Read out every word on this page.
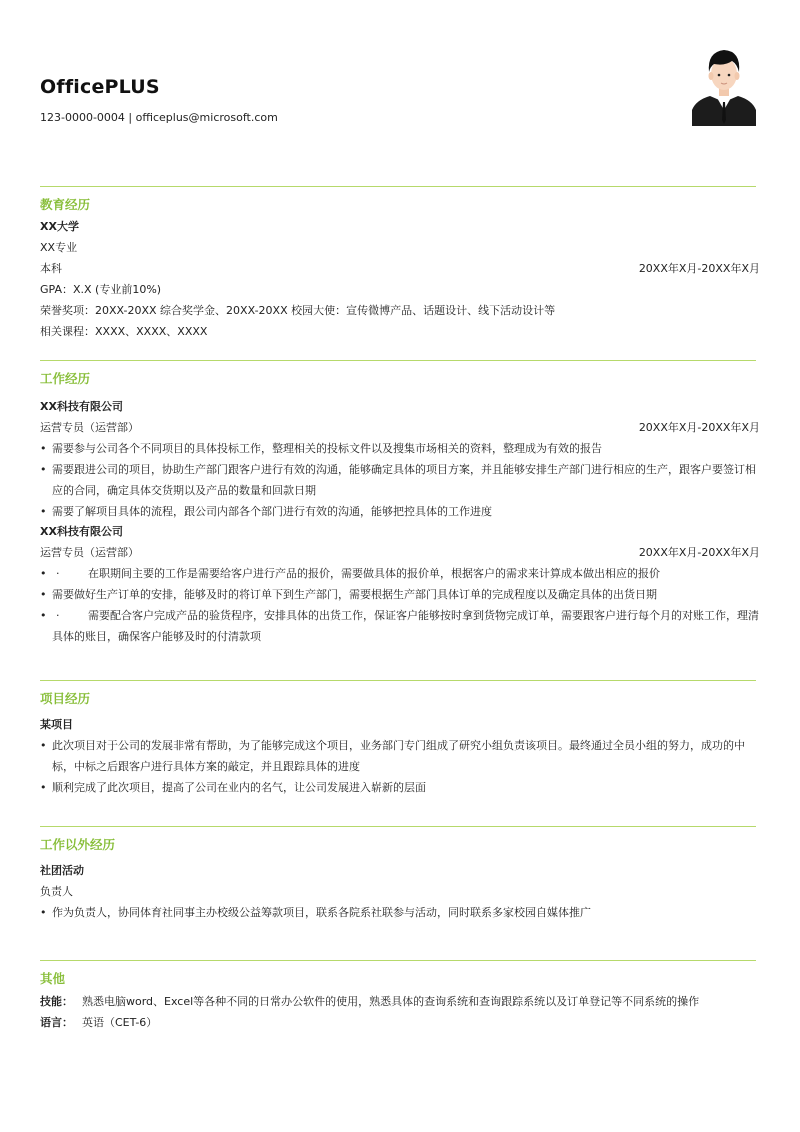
OfficePLUS
123-0000-0004 | officeplus@microsoft.com
教育经历
XX大学
XX专业
本科	20XX年X月-20XX年X月
GPA：X.X (专业前10%)
荣誉奖项：20XX-20XX 综合奖学金、20XX-20XX 校园大使：宣传微博产品、话题设计、线下活动设计等
相关课程：XXXX、XXXX、XXXX
工作经历
XX科技有限公司
运营专员（运营部）	20XX年X月-20XX年X月
• 需要参与公司各个不同项目的具体投标工作，整理相关的投标文件以及搜集市场相关的资料，整理成为有效的报告
• 需要跟进公司的项目，协助生产部门跟客户进行有效的沟通，能够确定具体的项目方案，并且能够安排生产部门进行相应的生产，跟客户要签订相应的合同，确定具体交货期以及产品的数量和回款日期
• 需要了解项目具体的流程，跟公司内部各个部门进行有效的沟通，能够把控具体的工作进度
XX科技有限公司
运营专员（运营部）	20XX年X月-20XX年X月
• ·	在职期间主要的工作是需要给客户进行产品的报价，需要做具体的报价单，根据客户的需求来计算成本做出相应的报价
• 需要做好生产订单的安排，能够及时的将订单下到生产部门，需要根据生产部门具体订单的完成程度以及确定具体的出货日期
• ·	需要配合客户完成产品的验货程序，安排具体的出货工作，保证客户能够按时拿到货物完成订单，需要跟客户进行每个月的对账工作，理清具体的账目，确保客户能够及时的付清款项
项目经历
某项目
• 此次项目对于公司的发展非常有帮助，为了能够完成这个项目，业务部门专门组成了研究小组负责该项目。最终通过全员小组的努力，成功的中标，中标之后跟客户进行具体方案的敲定，并且跟踪具体的进度
• 顺利完成了此次项目，提高了公司在业内的名气，让公司发展进入崭新的层面
工作以外经历
社团活动
负责人
• 作为负责人，协同体育社同事主办校级公益筹款项目，联系各院系社联参与活动，同时联系多家校园自媒体推广
其他
技能： 熟悉电脑word、Excel等各种不同的日常办公软件的使用，熟悉具体的查询系统和查询跟踪系统以及订单登记等不同系统的操作
语言： 英语（CET-6）
